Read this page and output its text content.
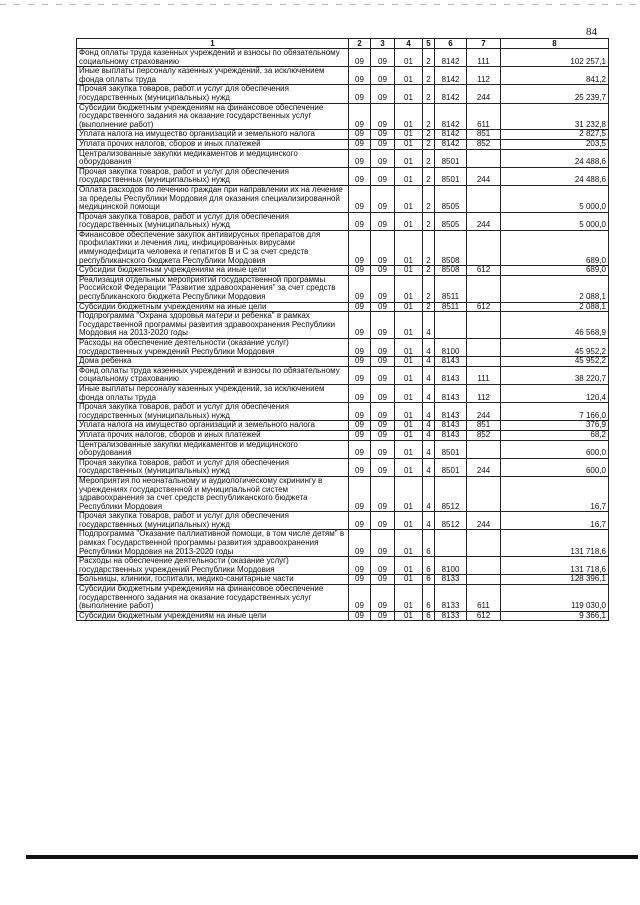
84
1	2	3	4	5	6	7	8
Фонд оплаты труда казенных учреждений и взносы по обязательному социальному страхованию	09	09	01	2	8142	111	102 257,1
Иные выплаты персоналу казенных учреждений, за исключением фонда оплаты труда	09	09	01	2	8142	112	841,2
Прочая закупка товаров, работ и услуг для обеспечения государственных (муниципальных) нужд	09	09	01	2	8142	244	25 239,7
Субсидии бюджетным учреждениям на финансовое обеспечение государственного задания на оказание государственных услуг (выполнение работ)	09	09	01	2	8142	611	31 232,8
Уплата налога на имущество организаций и земельного налога	09	09	01	2	8142	851	2 827,5
Уплата прочих налогов, сборов и иных платежей	09	09	01	2	8142	852	203,5
Централизованные закупки медикаментов и медицинского оборудования	09	09	01	2	8501		24 488,6
Прочая закупка товаров, работ и услуг для обеспечения государственных (муниципальных) нужд	09	09	01	2	8501	244	24 488,6
Оплата расходов по лечению граждан при направлении их на лечение за пределы Республики Мордовия для оказания специализированной медицинской помощи	09	09	01	2	8505		5 000,0
Прочая закупка товаров, работ и услуг для обеспечения государственных (муниципальных) нужд	09	09	01	2	8505	244	5 000,0
Финансовое обеспечение закупок антивирусных препаратов для профилактики и лечения лиц, инфицированных вирусами иммунодефицита человека и гепатитов В и С за счет средств республиканского бюджета Республики Мордовия	09	09	01	2	8508		689,0
Субсидии бюджетным учреждениям на иные цели	09	09	01	2	8508	612	689,0
Реализация отдельных мероприятий государственной программы Российской Федерации "Развитие здравоохранения" за счет средств республиканского бюджета Республики Мордовия	09	09	01	2	8511		2 088,1
Субсидии бюджетным учреждениям на иные цели	09	09	01	2	8511	612	2 088,1
Подпрограмма "Охрана здоровья матери и ребенка" в рамках Государственной программы развития здравоохранения Республики Мордовия на 2013-2020 годы	09	09	01	4			46 568,9
Расходы на обеспечение деятельности (оказание услуг) государственных учреждений Республики Мордовия	09	09	01	4	8100		45 952,2
Дома ребенка	09	09	01	4	8143		45 952,2
Фонд оплаты труда казенных учреждений и взносы по обязательному социальному страхованию	09	09	01	4	8143	111	38 220,7
Иные выплаты персоналу казенных учреждений, за исключением фонда оплаты труда	09	09	01	4	8143	112	120,4
Прочая закупка товаров, работ и услуг для обеспечения государственных (муниципальных) нужд	09	09	01	4	8143	244	7 166,0
Уплата налога на имущество организаций и земельного налога	09	09	01	4	8143	851	376,9
Уплата прочих налогов, сборов и иных платежей	09	09	01	4	8143	852	68,2
Централизованные закупки медикаментов и медицинского оборудования	09	09	01	4	8501		600,0
Прочая закупка товаров, работ и услуг для обеспечения государственных (муниципальных) нужд	09	09	01	4	8501	244	600,0
Мероприятия по неонатальному и аудиологическому скринингу в учреждениях государственной и муниципальной систем здравоохранения за счет средств республиканского бюджета Республики Мордовия	09	09	01	4	8512		16,7
Прочая закупка товаров, работ и услуг для обеспечения государственных (муниципальных) нужд	09	09	01	4	8512	244	16,7
Подпрограмма "Оказание паллиативной помощи, в том числе детям" в рамках Государственной программы развития здравоохранения Республики Мордовия на 2013-2020 годы	09	09	01	6			131 718,6
Расходы на обеспечение деятельности (оказание услуг) государственных учреждений Республики Мордовия	09	09	01	6	8100		131 718,6
Больницы, клиники, госпитали, медико-санитарные части	09	09	01	6	8133		128 396,1
Субсидии бюджетным учреждениям на финансовое обеспечение государственного задания на оказание государственных услуг (выполнение работ)	09	09	01	6	8133	611	119 030,0
Субсидии бюджетным учреждениям на иные цели	09	09	01	6	8133	612	9 366,1
